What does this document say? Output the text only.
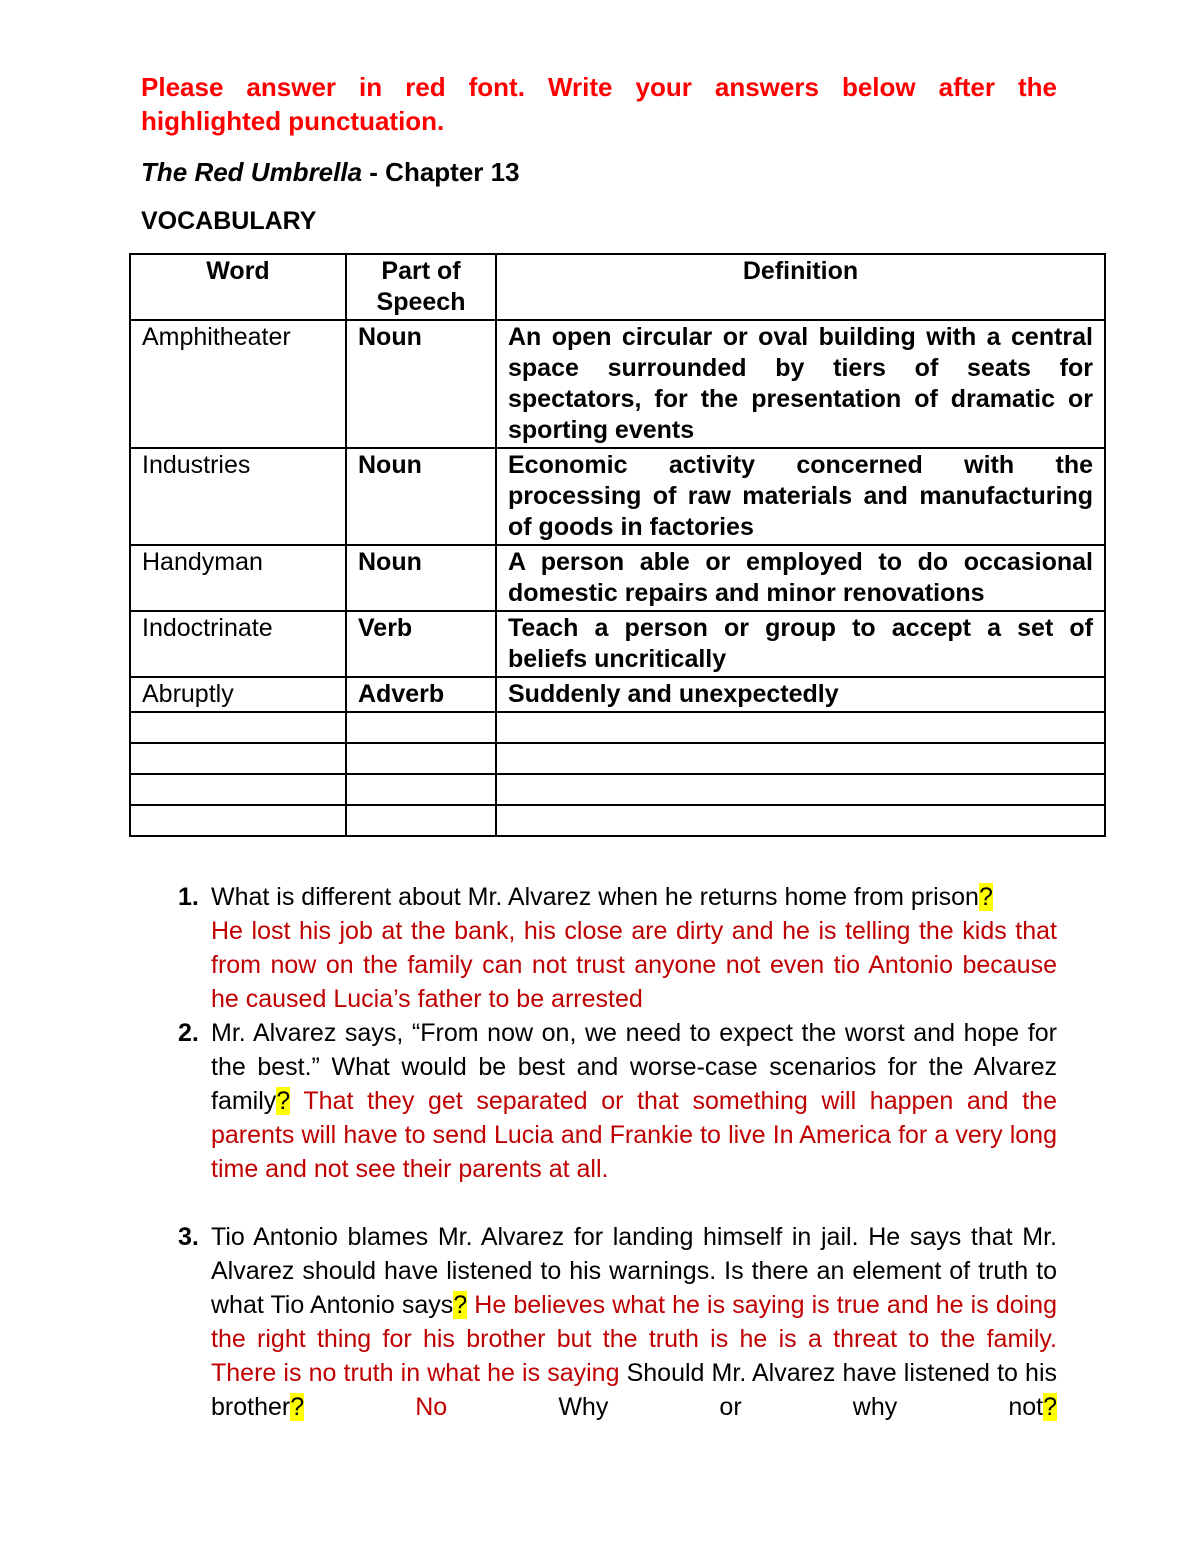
Please answer in red font. Write your answers below after the
highlighted punctuation.
The Red Umbrella - Chapter 13
VOCABULARY
Word	Part of Speech	Definition
Amphitheater	Noun	An open circular or oval building with a central space surrounded by tiers of seats for spectators, for the presentation of dramatic or sporting events
Industries	Noun	Economic activity concerned with the processing of raw materials and manufacturing of goods in factories
Handyman	Noun	A person able or employed to do occasional domestic repairs and minor renovations
Indoctrinate	Verb	Teach a person or group to accept a set of beliefs uncritically
Abruptly	Adverb	Suddenly and unexpectedly

1. What is different about Mr. Alvarez when he returns home from prison?
He lost his job at the bank, his close are dirty and he is telling the kids that from now on the family can not trust anyone not even tio Antonio because he caused Lucia’s father to be arrested
2. Mr. Alvarez says, “From now on, we need to expect the worst and hope for the best.” What would be best and worse-case scenarios for the Alvarez family? That they get separated or that something will happen and the parents will have to send Lucia and Frankie to live In America for a very long time and not see their parents at all.
3. Tio Antonio blames Mr. Alvarez for landing himself in jail. He says that Mr. Alvarez should have listened to his warnings. Is there an element of truth to what Tio Antonio says? He believes what he is saying is true and he is doing the right thing for his brother but the truth is he is a threat to the family. There is no truth in what he is saying Should Mr. Alvarez have listened to his brother? No Why or why not?
